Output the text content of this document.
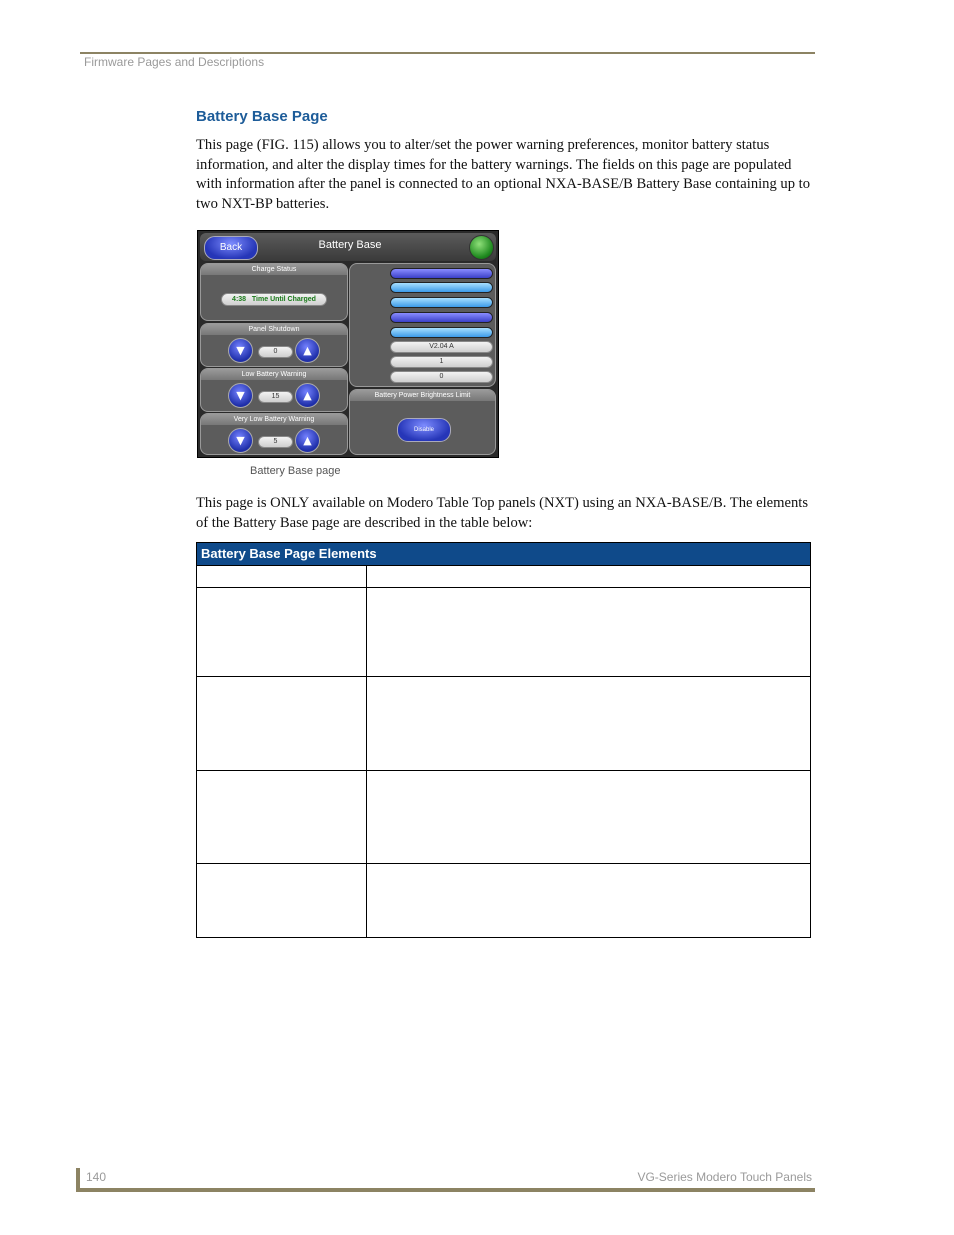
Firmware Pages and Descriptions
Battery Base Page
This page (FIG. 115) allows you to alter/set the power warning preferences, monitor battery status information, and alter the display times for the battery warnings. The fields on this page are populated with information after the panel is connected to an optional NXA-BASE/B Battery Base containing up to two NXT-BP batteries.
Back	Battery Base
Charge Status
4:38 Time Until Charged
Panel Shutdown
▼	0	▲
Low Battery Warning
▼	15	▲
Very Low Battery Warning
▼	5	▲

V2.04 A
1
0
Battery Power Brightness Limit
Disable
Battery Base page
This page is ONLY available on Modero Table Top panels (NXT) using an NXA-BASE/B. The elements of the Battery Base page are described in the table below:
Battery Base Page Elements
140	VG-Series Modero Touch Panels
